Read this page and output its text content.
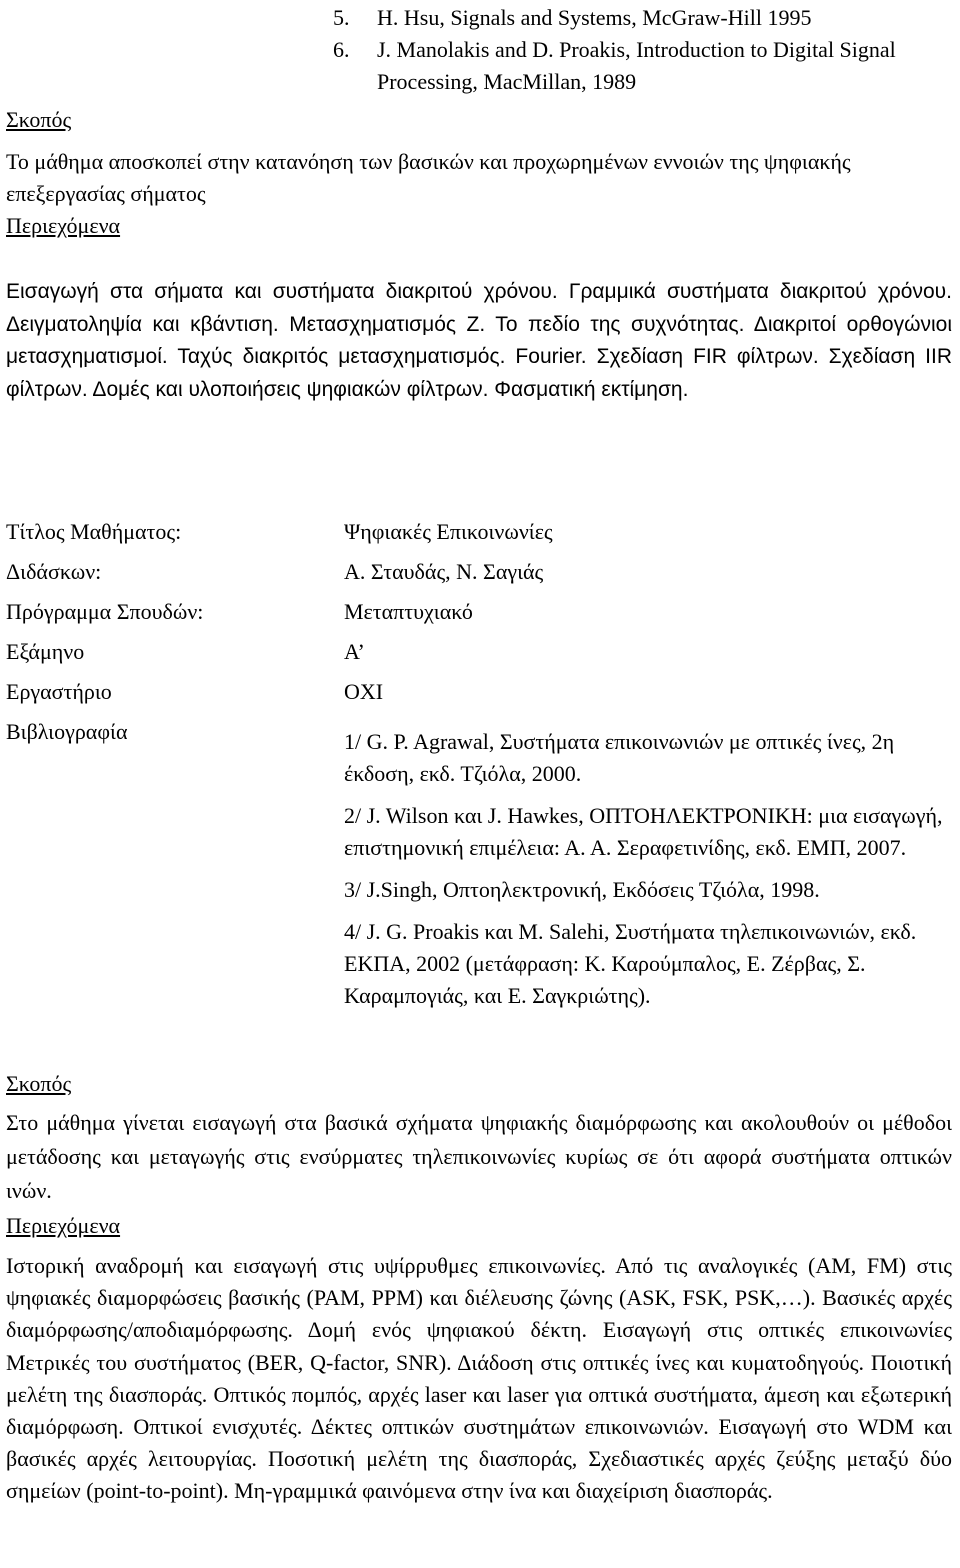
5.	H. Hsu, Signals and Systems, McGraw-Hill 1995
6.	J. Manolakis and D. Proakis, Introduction to Digital Signal Processing, MacMillan, 1989
Σκοπός
Το μάθημα αποσκοπεί στην κατανόηση των βασικών και προχωρημένων εννοιών της ψηφιακής επεξεργασίας σήματος
Περιεχόμενα
Εισαγωγή στα σήματα και συστήματα διακριτού χρόνου. Γραμμικά συστήματα διακριτού χρόνου. Δειγματοληψία και κβάντιση. Μετασχηματισμός Ζ. Το πεδίο της συχνότητας. Διακριτοί ορθογώνιοι μετασχηματισμοί. Ταχύς διακριτός μετασχηματισμός. Fourier. Σχεδίαση FIR φίλτρων. Σχεδίαση IIR φίλτρων. Δομές και υλοποιήσεις ψηφιακών φίλτρων. Φασματική εκτίμηση.
Τίτλος Μαθήματος:	Ψηφιακές Επικοινωνίες
Διδάσκων:	Α. Σταυδάς, Ν. Σαγιάς
Πρόγραμμα Σπουδών:	Μεταπτυχιακό
Εξάμηνο	Α’
Εργαστήριο	ΟΧΙ
Βιβλιογραφία	1/ G. P. Agrawal, Συστήματα επικοινωνιών με οπτικές ίνες, 2η έκδοση, εκδ. Τζιόλα, 2000.
2/ J. Wilson και J. Hawkes, ΟΠΤΟΗΛΕΚΤΡΟΝΙΚΗ: μια εισαγωγή, επιστημονική επιμέλεια: Α. Α. Σεραφετινίδης, εκδ. ΕΜΠ, 2007.
3/ J.Singh, Οπτοηλεκτρονική, Εκδόσεις Τζιόλα, 1998.
4/ J. G. Proakis και M. Salehi, Συστήματα τηλεπικοινωνιών, εκδ. ΕΚΠΑ, 2002 (μετάφραση: Κ. Καρούμπαλος, Ε. Ζέρβας, Σ. Καραμπογιάς, και Ε. Σαγκριώτης).
Σκοπός
Στο μάθημα γίνεται εισαγωγή στα βασικά σχήματα ψηφιακής διαμόρφωσης και ακολουθούν οι μέθοδοι μετάδοσης και μεταγωγής στις ενσύρματες τηλεπικοινωνίες κυρίως σε ότι αφορά συστήματα οπτικών ινών.
Περιεχόμενα
Ιστορική αναδρομή και εισαγωγή στις υψίρρυθμες επικοινωνίες. Από τις αναλογικές (AM, FM) στις ψηφιακές διαμορφώσεις βασικής (PAM, PPM) και διέλευσης ζώνης (ASK, FSK, PSK,…). Βασικές αρχές διαμόρφωσης/αποδιαμόρφωσης. Δομή ενός ψηφιακού δέκτη. Εισαγωγή στις οπτικές επικοινωνίες Μετρικές του συστήματος (BER, Q-factor, SNR). Διάδοση στις οπτικές ίνες και κυματοδηγούς. Ποιοτική μελέτη της διασποράς. Οπτικός πομπός, αρχές laser και laser για οπτικά συστήματα, άμεση και εξωτερική διαμόρφωση. Οπτικοί ενισχυτές. Δέκτες οπτικών συστημάτων επικοινωνιών. Εισαγωγή στο WDM και βασικές αρχές λειτουργίας. Ποσοτική μελέτη της διασποράς, Σχεδιαστικές αρχές ζεύξης μεταξύ δύο σημείων (point-to-point). Μη-γραμμικά φαινόμενα στην ίνα και διαχείριση διασποράς.
